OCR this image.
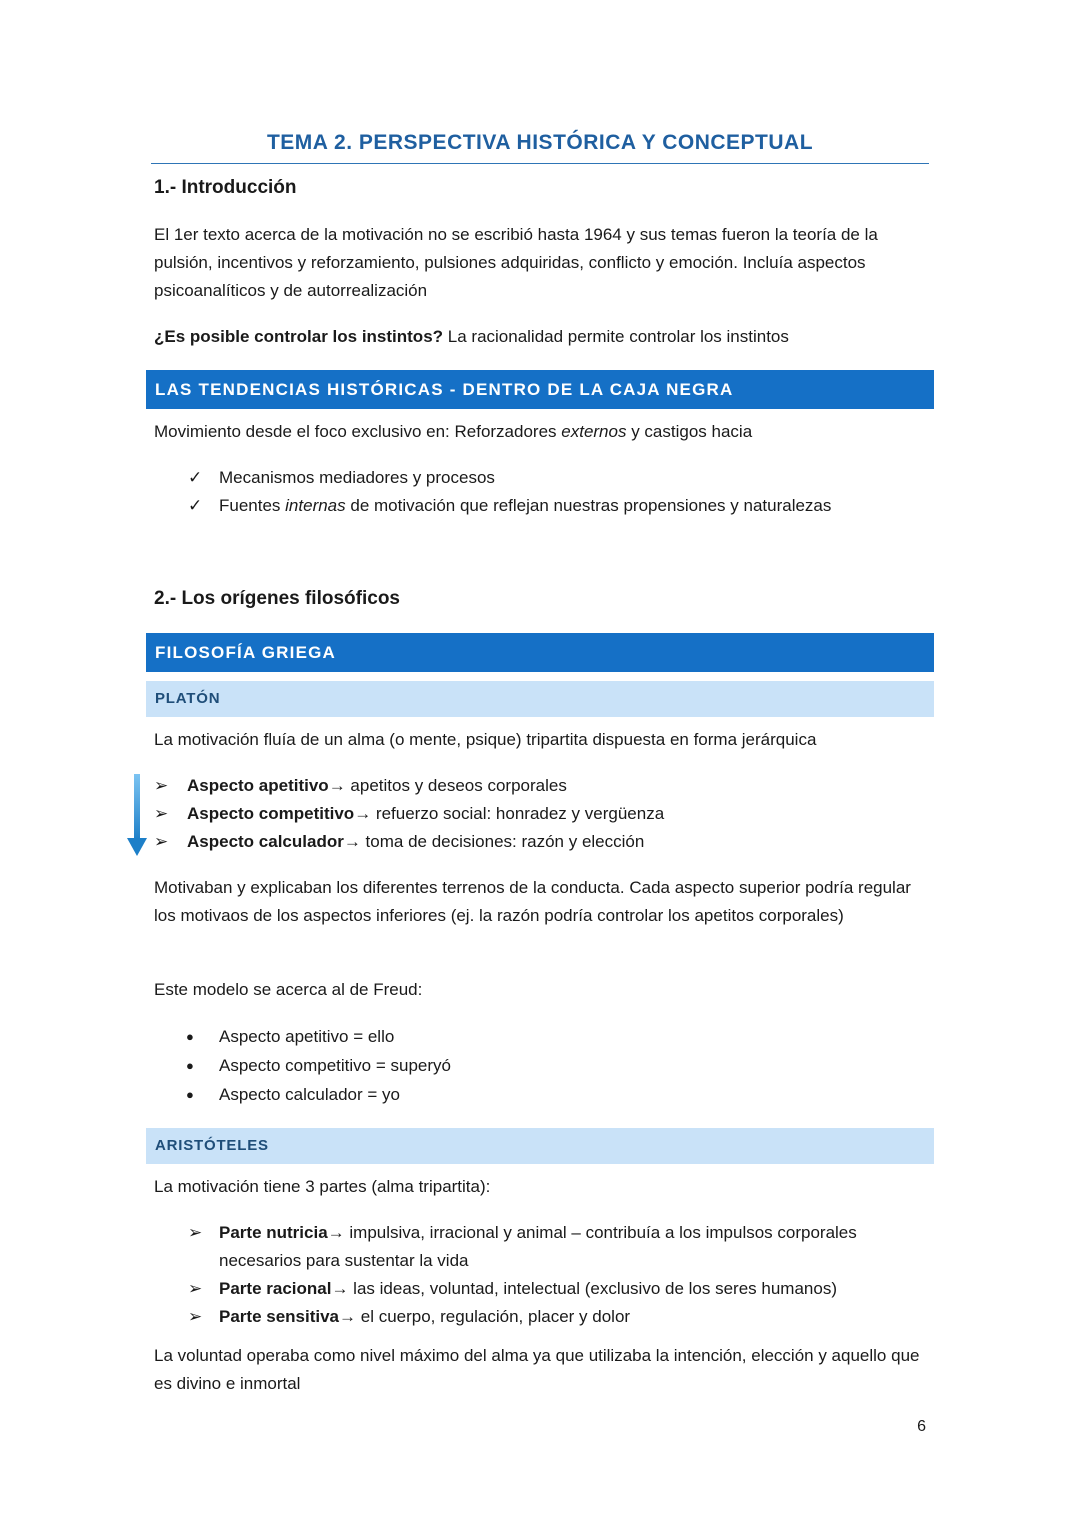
TEMA 2. PERSPECTIVA HISTÓRICA Y CONCEPTUAL
1.- Introducción
El 1er texto acerca de la motivación no se escribió hasta 1964 y sus temas fueron la teoría de la pulsión, incentivos y reforzamiento, pulsiones adquiridas, conflicto y emoción. Incluía aspectos psicoanalíticos y de autorrealización
¿Es posible controlar los instintos? La racionalidad permite controlar los instintos
LAS TENDENCIAS HISTÓRICAS - DENTRO DE LA CAJA NEGRA
Movimiento desde el foco exclusivo en: Reforzadores externos y castigos hacia
✓ Mecanismos mediadores y procesos
✓ Fuentes internas de motivación que reflejan nuestras propensiones y naturalezas
2.- Los orígenes filosóficos
FILOSOFÍA GRIEGA
PLATÓN
La motivación fluía de un alma (o mente, psique) tripartita dispuesta en forma jerárquica
➢ Aspecto apetitivo→ apetitos y deseos corporales
➢ Aspecto competitivo→ refuerzo social: honradez y vergüenza
➢ Aspecto calculador→ toma de decisiones: razón y elección
Motivaban y explicaban los diferentes terrenos de la conducta. Cada aspecto superior podría regular los motivaos de los aspectos inferiores (ej. la razón podría controlar los apetitos corporales)
Este modelo se acerca al de Freud:
● Aspecto apetitivo = ello
● Aspecto competitivo = superyó
● Aspecto calculador = yo
ARISTÓTELES
La motivación tiene 3 partes (alma tripartita):
➢ Parte nutricia→ impulsiva, irracional y animal – contribuía a los impulsos corporales
necesarios para sustentar la vida
➢ Parte racional→ las ideas, voluntad, intelectual (exclusivo de los seres humanos)
➢ Parte sensitiva→ el cuerpo, regulación, placer y dolor
La voluntad operaba como nivel máximo del alma ya que utilizaba la intención, elección y aquello que es divino e inmortal
6
